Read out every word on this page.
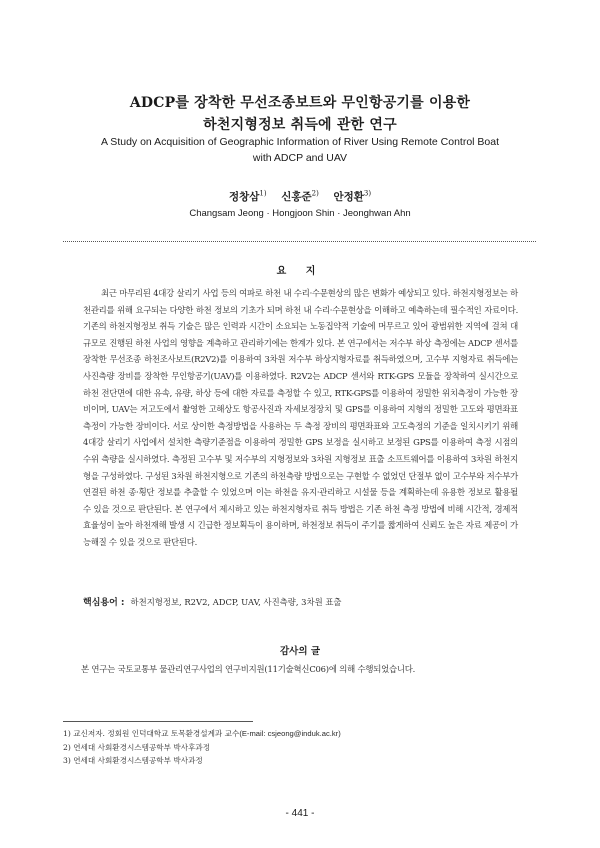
ADCP를 장착한 무선조종보트와 무인항공기를 이용한
하천지형정보 취득에 관한 연구
A Study on Acquisition of Geographic Information of River Using Remote Control Boat
with ADCP and UAV
정창삼$^{1)}$ 신홍준$^{2)}$ 안정환$^{3)}$
Changsam Jeong · Hongjoon Shin · Jeonghwan Ahn
요 지

최근 마무리된 4대강 살리기 사업 등의 여파로 하천 내 수리·수문현상의 많은 변화가 예상되고 있다. 하천지형정보는 하천관리를 위해 요구되는 다양한 하천 정보의 기초가 되며 하천 내 수리·수문현상을 이해하고 예측하는데 필수적인 자료이다. 기존의 하천지형정보 취득 기술은 많은 인력과 시간이 소요되는 노동집약적 기술에 머무르고 있어 광범위한 지역에 걸쳐 대규모로 진행된 하천 사업의 영향을 계측하고 관리하기에는 한계가 있다. 본 연구에서는 저수부 하상 측정에는 ADCP 센서를 장착한 무선조종 하천조사보트(R2V2)를 이용하여 3차원 저수부 하상지형자료를 취득하였으며, 고수부 지형자료 취득에는 사진측량 장비를 장착한 무인항공기(UAV)를 이용하였다. R2V2는 ADCP 센서와 RTK-GPS 모듈을 장착하여 실시간으로 하천 전단면에 대한 유속, 유량, 하상 등에 대한 자료를 측정할 수 있고, RTK-GPS를 이용하여 정밀한 위치측정이 가능한 장비이며, UAV는 저고도에서 촬영한 고해상도 항공사진과 자세보정장치 및 GPS를 이용하여 지형의 정밀한 고도와 평면좌표 측정이 가능한 장비이다. 서로 상이한 측정방법을 사용하는 두 측정 장비의 평면좌표와 고도측정의 기준을 일치시키기 위해 4대강 살리기 사업에서 설치한 측량기준점을 이용하여 정밀한 GPS 보정을 실시하고 보정된 GPS를 이용하여 측정 시점의 수위 측량을 실시하였다. 측정된 고수부 및 저수부의 지형정보와 3차원 지형정보 표출 소프트웨어를 이용하여 3차원 하천지형을 구성하였다. 구성된 3차원 하천지형으로 기존의 하천측량 방법으로는 구현할 수 없었던 단절부 없이 고수부와 저수부가 연결된 하천 종·횡단 정보를 추출할 수 있었으며 이는 하천을 유지·관리하고 시설물 등을 계획하는데 유용한 정보로 활용될 수 있을 것으로 판단된다. 본 연구에서 제시하고 있는 하천지형자료 취득 방법은 기존 하천 측정 방법에 비해 시간적, 경제적 효율성이 높아 하천재해 발생 시 긴급한 정보획득이 용이하며, 하천정보 취득이 주기를 짧게하여 신뢰도 높은 자료 제공이 가능해질 수 있을 것으로 판단된다.

핵심용어 : 하천지형정보, R2V2, ADCP, UAV, 사진측량, 3차원 표출
감사의 글
본 연구는 국토교통부 물관리연구사업의 연구비지원(11기술혁신C06)에 의해 수행되었습니다.
1) 교신저자. 정회원 인덕대학교 토목환경설계과 교수(E-mail: csjeong@induk.ac.kr)
2) 연세대 사회환경시스템공학부 박사후과정
3) 연세대 사회환경시스템공학부 박사과정
- 441 -
